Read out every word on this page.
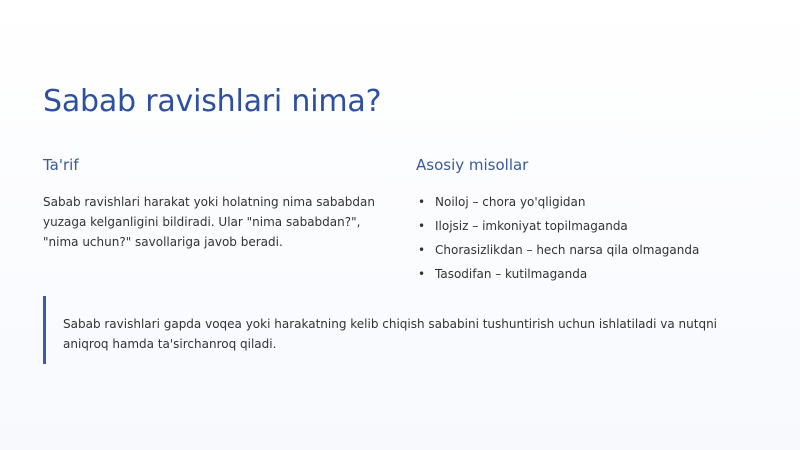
Sabab ravishlari nima?
Ta'rif

Sabab ravishlari harakat yoki holatning nima sababdan yuzaga kelganligini bildiradi. Ular "nima sababdan?", "nima uchun?" savollariga javob beradi.

Asosiy misollar
• Noiloj – chora yo'qligidan
• Ilojsiz – imkoniyat topilmaganda
• Chorasizlikdan – hech narsa qila olmaganda
• Tasodifan – kutilmaganda

Sabab ravishlari gapda voqea yoki harakatning kelib chiqish sababini tushuntirish uchun ishlatiladi va nutqni aniqroq hamda ta'sirchanroq qiladi.
